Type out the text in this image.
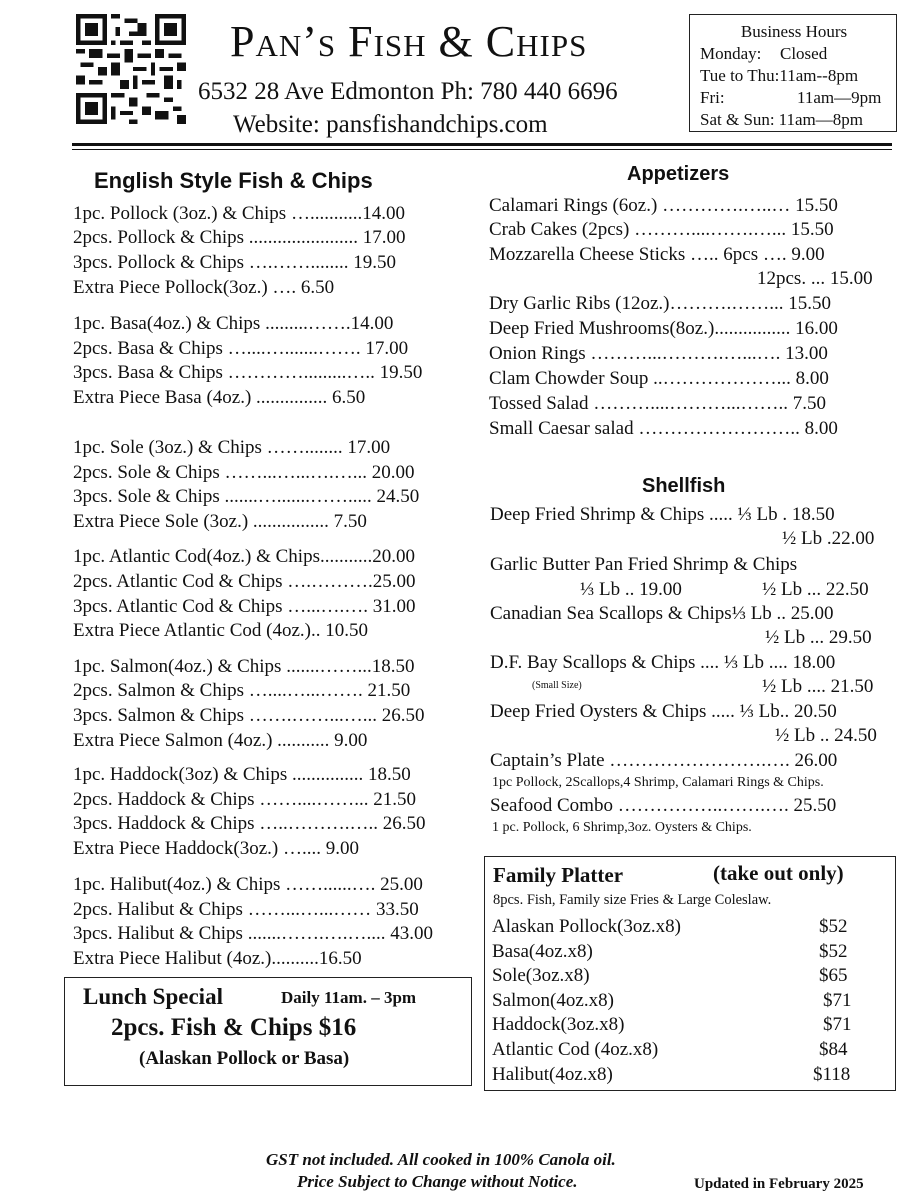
Pan’s Fish & Chips
6532 28 Ave Edmonton Ph: 780 440 6696
Website: pansfishandchips.com
Business Hours
Monday: Closed
Tue to Thu:11am--8pm
Fri:	11am—9pm
Sat & Sun: 11am—8pm
English Style Fish & Chips
1pc. Pollock (3oz.) & Chips …...........14.00
2pcs. Pollock & Chips ....................... 17.00
3pcs. Pollock & Chips ….……........ 19.50
Extra Piece Pollock(3oz.) …. 6.50
1pc. Basa(4oz.) & Chips .........…….14.00
2pcs. Basa & Chips …....….......……. 17.00
3pcs. Basa & Chips ………….........….. 19.50
Extra Piece Basa (4oz.) ............... 6.50
1pc. Sole (3oz.) & Chips ……........ 17.00
2pcs. Sole & Chips ……...…...….…... 20.00
3pcs. Sole & Chips .......….......……..... 24.50
Extra Piece Sole (3oz.) ................ 7.50
1pc. Atlantic Cod(4oz.) & Chips...........20.00
2pcs. Atlantic Cod & Chips ….……….25.00
3pcs. Atlantic Cod & Chips …...….…. 31.00
Extra Piece Atlantic Cod (4oz.).. 10.50
1pc. Salmon(4oz.) & Chips .......……...18.50
2pcs. Salmon & Chips …....…...……. 21.50
3pcs. Salmon & Chips …….……...…... 26.50
Extra Piece Salmon (4oz.) ........... 9.00
1pc. Haddock(3oz) & Chips ............... 18.50
2pcs. Haddock & Chips ……....……... 21.50
3pcs. Haddock & Chips …..……….….. 26.50
Extra Piece Haddock(3oz.) ….... 9.00
1pc. Halibut(4oz.) & Chips ……......…. 25.00
2pcs. Halibut & Chips ……...…...…… 33.50
3pcs. Halibut & Chips .......…….….….... 43.00
Extra Piece Halibut (4oz.)..........16.50
Appetizers
Calamari Rings (6oz.) ………….…..… 15.50
Crab Cakes (2pcs) ………....…….…... 15.50
Mozzarella Cheese Sticks ….. 6pcs …. 9.00
12pcs. ... 15.00
Dry Garlic Ribs (12oz.)……….……... 15.50
Deep Fried Mushrooms(8oz.)................ 16.00
Onion Rings ………...……….…...…. 13.00
Clam Chowder Soup ..………………... 8.00
Tossed Salad ………....………...…….. 7.50
Small Caesar salad …………………….. 8.00
Shellfish
Deep Fried Shrimp & Chips ..... ⅓ Lb . 18.50
½ Lb .22.00
Garlic Butter Pan Fried Shrimp & Chips
⅓ Lb .. 19.00	½ Lb ... 22.50
Canadian Sea Scallops & Chips⅓ Lb .. 25.00
½ Lb ... 29.50
D.F. Bay Scallops & Chips .... ⅓ Lb .... 18.00
(Small Size)	½ Lb .... 21.50
Deep Fried Oysters & Chips ..... ⅓ Lb.. 20.50
½ Lb .. 24.50
Captain’s Plate …………………….…. 26.00
1pc Pollock, 2Scallops,4 Shrimp, Calamari Rings & Chips.
Seafood Combo ……………..…….…. 25.50
1 pc. Pollock, 6 Shrimp,3oz. Oysters & Chips.
Family Platter	(take out only)
8pcs. Fish, Family size Fries & Large Coleslaw.
Alaskan Pollock(3oz.x8)	$52
Basa(4oz.x8)	$52
Sole(3oz.x8)	$65
Salmon(4oz.x8)	$71
Haddock(3oz.x8)	$71
Atlantic Cod (4oz.x8)	$84
Halibut(4oz.x8)	$118
Lunch Special	Daily 11am. – 3pm
2pcs. Fish & Chips $16
(Alaskan Pollock or Basa)
GST not included. All cooked in 100% Canola oil.
Price Subject to Change without Notice.	Updated in February 2025
